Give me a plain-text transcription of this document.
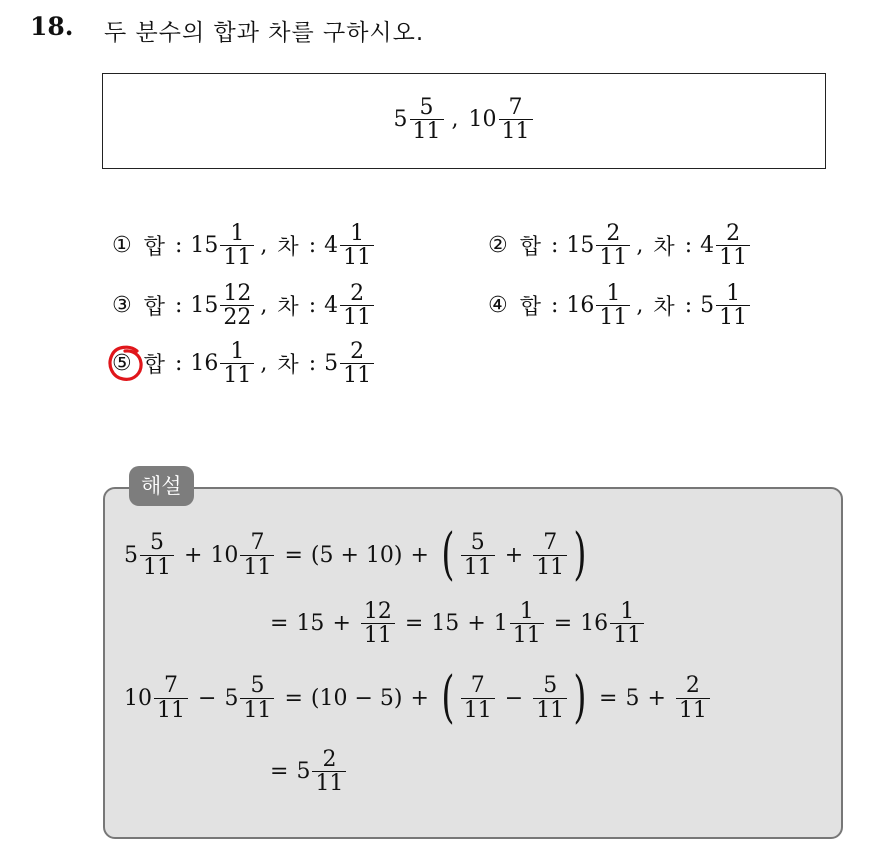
18. 두 분수의 합과 차를 구하시오.
$5 \frac{5}{11}$ , $10 \frac{7}{11}$
① 합 : $15 \frac{1}{11}$ , 차 : $4 \frac{1}{11}$	② 합 : $15 \frac{2}{11}$ , 차 : $4 \frac{2}{11}$
③ 합 : $15 \frac{12}{22}$ , 차 : $4 \frac{2}{11}$	④ 합 : $16 \frac{1}{11}$ , 차 : $5 \frac{1}{11}$
⑤ 합 : $16 \frac{1}{11}$ , 차 : $5 \frac{2}{11}$
해설
$5 \frac{5}{11} + 10 \frac{7}{11} = (5 + 10)$ + ( $\frac{5}{11} + \frac{7}{11}$ )
= $15 + \frac{12}{11} = 15 + 1 \frac{1}{11} = 16 \frac{1}{11}$
$10 \frac{7}{11} - 5 \frac{5}{11} = (10 - 5)$ + ( $\frac{7}{11} - \frac{5}{11}$ ) = $5 + \frac{2}{11}$
= $5 \frac{2}{11}$
